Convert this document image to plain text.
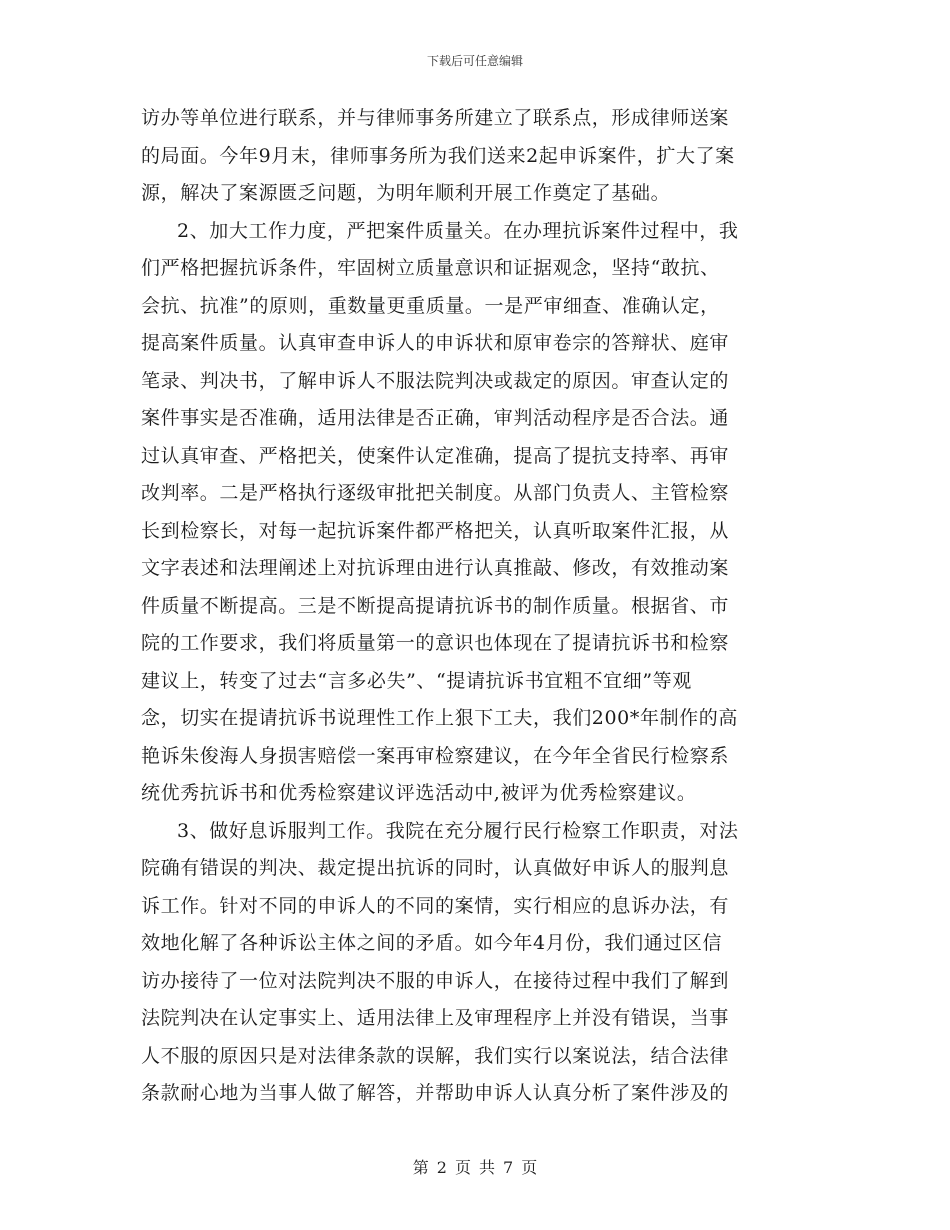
下载后可任意编辑
访办等单位进行联系，并与律师事务所建立了联系点，形成律师送案
的局面。今年9月末，律师事务所为我们送来2起申诉案件，扩大了案
源，解决了案源匮乏问题，为明年顺利开展工作奠定了基础。
2、加大工作力度，严把案件质量关。在办理抗诉案件过程中，我
们严格把握抗诉条件，牢固树立质量意识和证据观念，坚持“敢抗、
会抗、抗准”的原则，重数量更重质量。一是严审细查、准确认定，
提高案件质量。认真审查申诉人的申诉状和原审卷宗的答辩状、庭审
笔录、判决书，了解申诉人不服法院判决或裁定的原因。审查认定的
案件事实是否准确，适用法律是否正确，审判活动程序是否合法。通
过认真审查、严格把关，使案件认定准确，提高了提抗支持率、再审
改判率。二是严格执行逐级审批把关制度。从部门负责人、主管检察
长到检察长，对每一起抗诉案件都严格把关，认真听取案件汇报，从
文字表述和法理阐述上对抗诉理由进行认真推敲、修改，有效推动案
件质量不断提高。三是不断提高提请抗诉书的制作质量。根据省、市
院的工作要求，我们将质量第一的意识也体现在了提请抗诉书和检察
建议上，转变了过去“言多必失”、“提请抗诉书宜粗不宜细”等观
念，切实在提请抗诉书说理性工作上狠下工夫，我们200*年制作的高
艳诉朱俊海人身损害赔偿一案再审检察建议，在今年全省民行检察系
统优秀抗诉书和优秀检察建议评选活动中,被评为优秀检察建议。
3、做好息诉服判工作。我院在充分履行民行检察工作职责，对法
院确有错误的判决、裁定提出抗诉的同时，认真做好申诉人的服判息
诉工作。针对不同的申诉人的不同的案情，实行相应的息诉办法，有
效地化解了各种诉讼主体之间的矛盾。如今年4月份，我们通过区信
访办接待了一位对法院判决不服的申诉人，在接待过程中我们了解到
法院判决在认定事实上、适用法律上及审理程序上并没有错误，当事
人不服的原因只是对法律条款的误解，我们实行以案说法，结合法律
条款耐心地为当事人做了解答，并帮助申诉人认真分析了案件涉及的
第 2 页 共 7 页
